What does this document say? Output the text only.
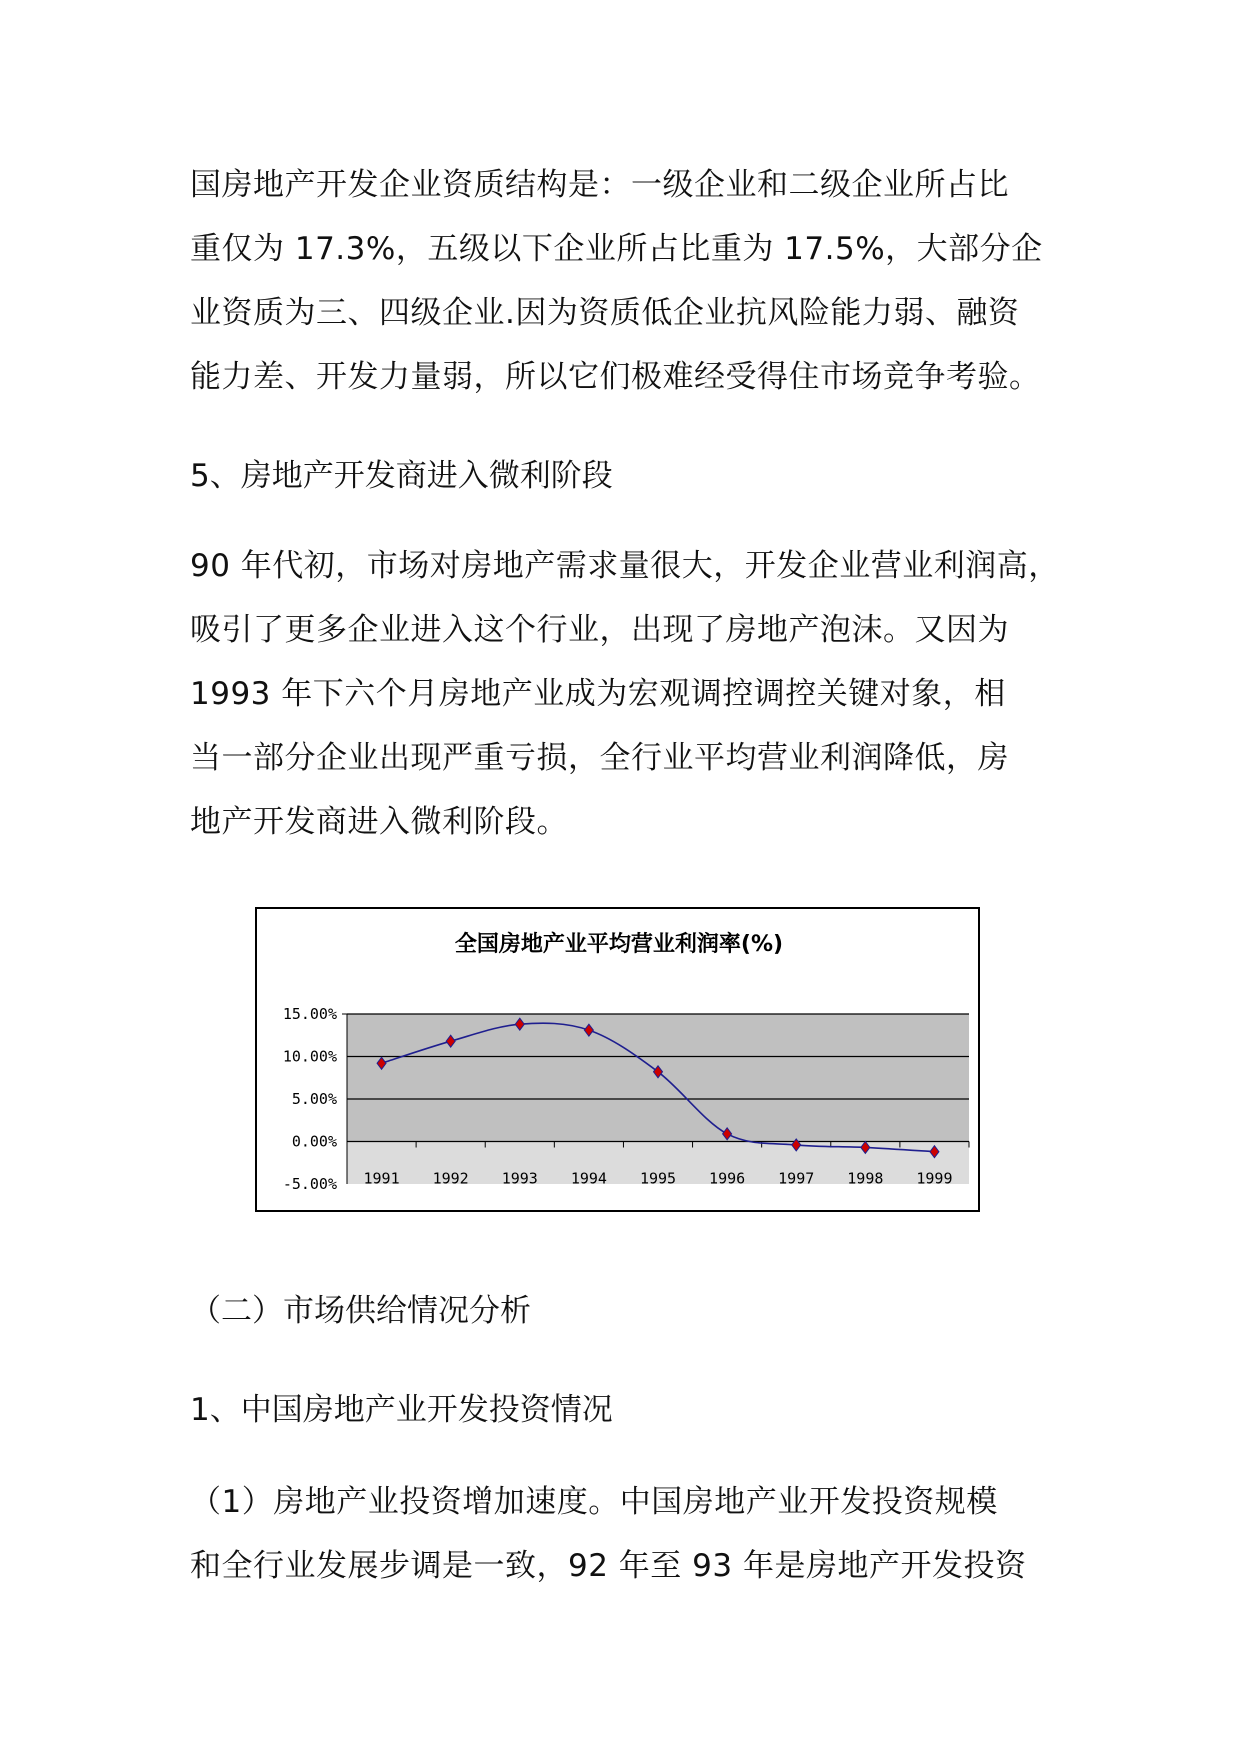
国房地产开发企业资质结构是：一级企业和二级企业所占比

重仅为 17.3%，五级以下企业所占比重为 17.5%，大部分企

业资质为三、四级企业.因为资质低企业抗风险能力弱、融资

能力差、开发力量弱，所以它们极难经受得住市场竞争考验。

5、房地产开发商进入微利阶段

90 年代初，市场对房地产需求量很大，开发企业营业利润高，

吸引了更多企业进入这个行业，出现了房地产泡沫。又因为

1993 年下六个月房地产业成为宏观调控调控关键对象，相

当一部分企业出现严重亏损，全行业平均营业利润降低，房

地产开发商进入微利阶段。

全国房地产业平均营业利润率(%)
15.00%
10.00%
5.00%
0.00%
-5.00% 1991 1992 1993 1994 1995 1996 1997 1998 1999
（二）市场供给情况分析
1、中国房地产业开发投资情况

（1）房地产业投资增加速度。中国房地产业开发投资规模

和全行业发展步调是一致，92 年至 93 年是房地产开发投资
